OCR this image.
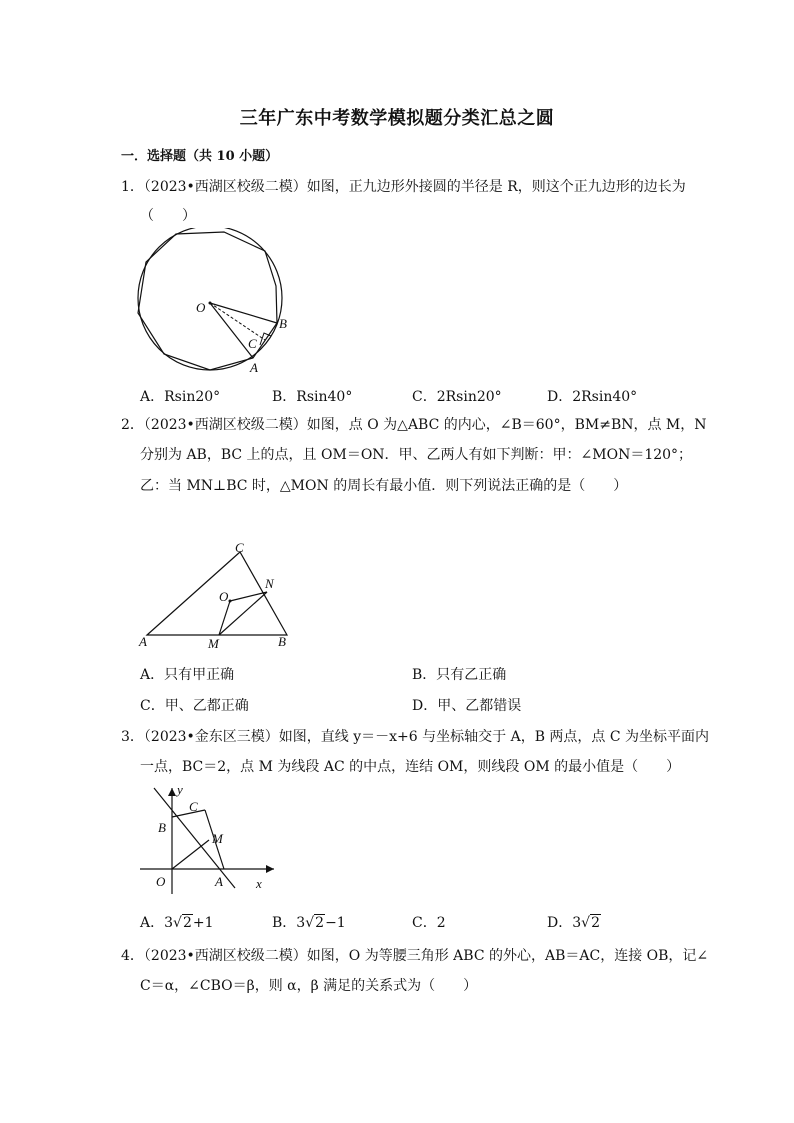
三年广东中考数学模拟题分类汇总之圆
一．选择题（共 10 小题）
1．（2023•西湖区校级二模）如图，正九边形外接圆的半径是 R，则这个正九边形的边长为
（　　）
O
B
C
A
A．Rsin20°	B．Rsin40°	C．2Rsin20°	D．2Rsin40°
2．（2023•西湖区校级二模）如图，点 O 为△ABC 的内心，∠B＝60°，BM≠BN，点 M，N
分别为 AB，BC 上的点，且 OM＝ON．甲、乙两人有如下判断：甲：∠MON＝120°；
乙：当 MN⊥BC 时，△MON 的周长有最小值．则下列说法正确的是（　　）
C
O
N
A	M	B
A．只有甲正确	B．只有乙正确
C．甲、乙都正确	D．甲、乙都错误
3．（2023•金东区三模）如图，直线 y＝－x+6 与坐标轴交于 A，B 两点，点 C 为坐标平面内
一点，BC＝2，点 M 为线段 AC 的中点，连结 OM，则线段 OM 的最小值是（　　）
y
C
B
M
O	A	x
A．3√2+1	B．3√2−1	C．2	D．3√2
4．（2023•西湖区校级二模）如图，O 为等腰三角形 ABC 的外心，AB＝AC，连接 OB，记∠
C＝α，∠CBO＝β，则 α，β 满足的关系式为（　　）
